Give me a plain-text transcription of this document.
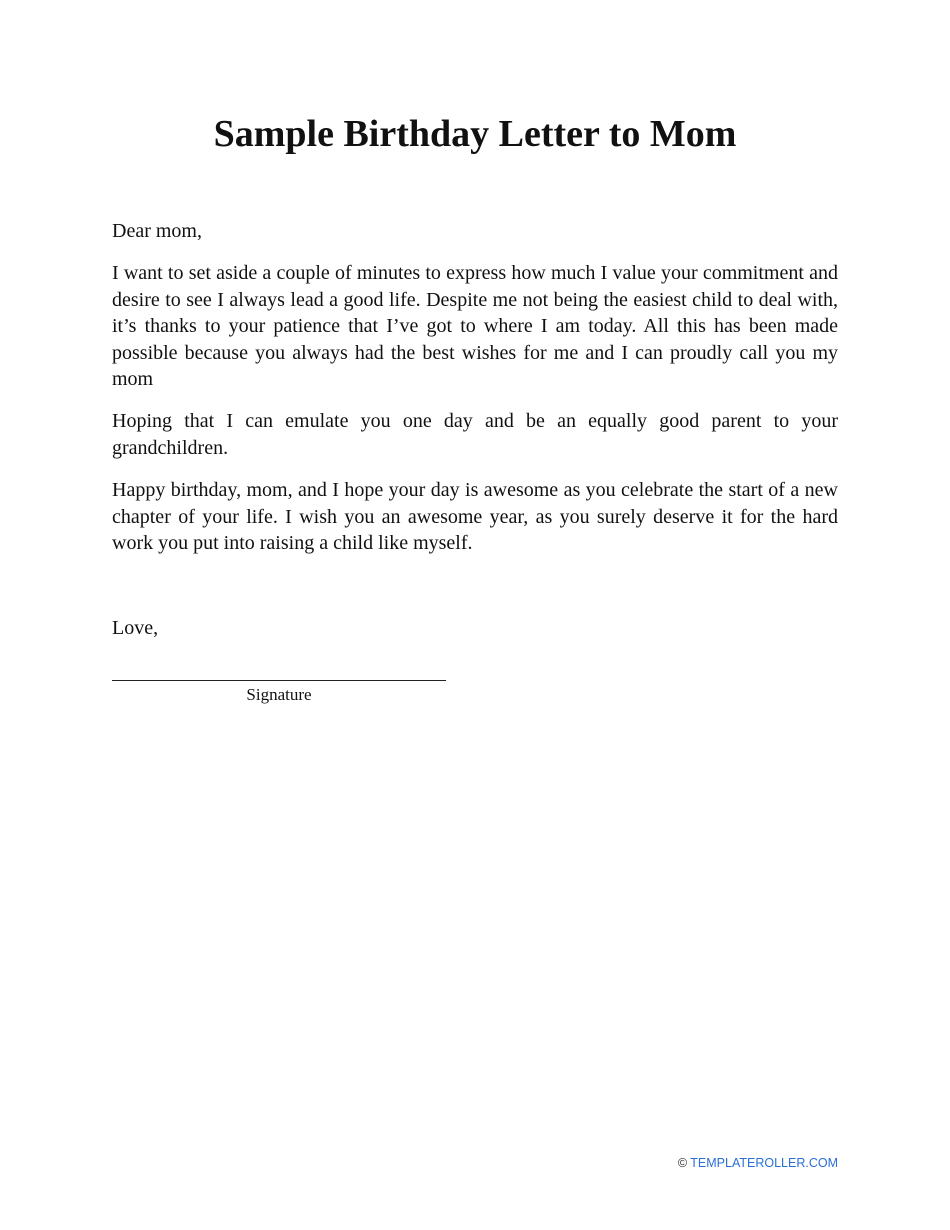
Sample Birthday Letter to Mom

Dear mom,

I want to set aside a couple of minutes to express how much I value your commitment and desire to see I always lead a good life. Despite me not being the easiest child to deal with, it’s thanks to your patience that I’ve got to where I am today. All this has been made possible because you always had the best wishes for me and I can proudly call you my mom

Hoping that I can emulate you one day and be an equally good parent to your grandchildren.

Happy birthday, mom, and I hope your day is awesome as you celebrate the start of a new chapter of your life. I wish you an awesome year, as you surely deserve it for the hard work you put into raising a child like myself.

Love,

Signature
© TEMPLATEROLLER.COM
